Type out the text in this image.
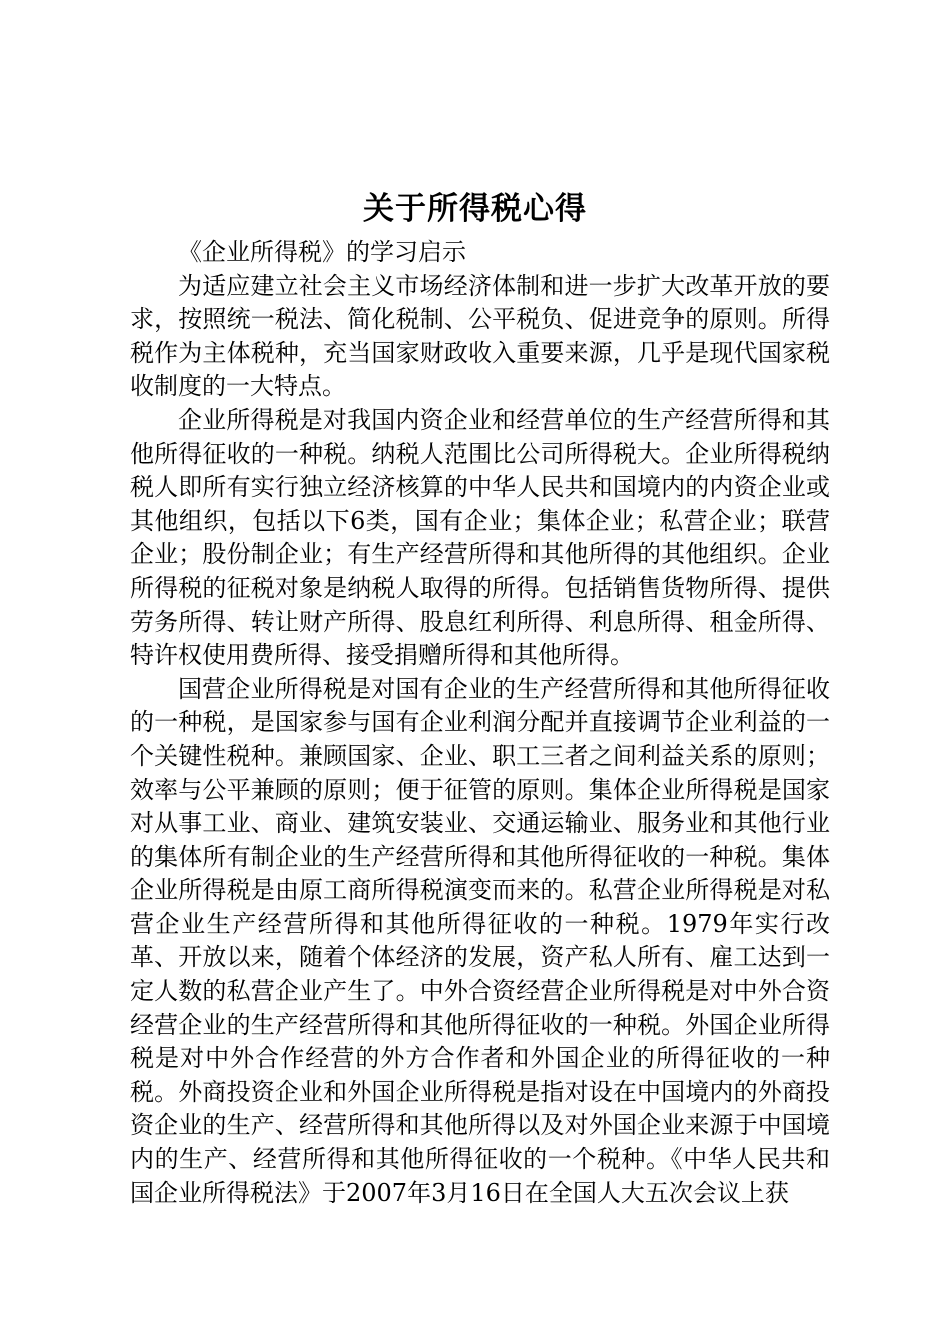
关于所得税心得

《企业所得税》的学习启示

为适应建立社会主义市场经济体制和进一步扩大改革开放的要求，按照统一税法、简化税制、公平税负、促进竞争的原则。所得税作为主体税种，充当国家财政收入重要来源，几乎是现代国家税收制度的一大特点。

企业所得税是对我国内资企业和经营单位的生产经营所得和其他所得征收的一种税。纳税人范围比公司所得税大。企业所得税纳税人即所有实行独立经济核算的中华人民共和国境内的内资企业或其他组织，包括以下6类，国有企业；集体企业；私营企业；联营企业；股份制企业；有生产经营所得和其他所得的其他组织。企业所得税的征税对象是纳税人取得的所得。包括销售货物所得、提供劳务所得、转让财产所得、股息红利所得、利息所得、租金所得、特许权使用费所得、接受捐赠所得和其他所得。

国营企业所得税是对国有企业的生产经营所得和其他所得征收的一种税，是国家参与国有企业利润分配并直接调节企业利益的一个关键性税种。兼顾国家、企业、职工三者之间利益关系的原则；效率与公平兼顾的原则；便于征管的原则。集体企业所得税是国家对从事工业、商业、建筑安装业、交通运输业、服务业和其他行业的集体所有制企业的生产经营所得和其他所得征收的一种税。集体企业所得税是由原工商所得税演变而来的。私营企业所得税是对私营企业生产经营所得和其他所得征收的一种税。1979年实行改革、开放以来，随着个体经济的发展，资产私人所有、雇工达到一定人数的私营企业产生了。中外合资经营企业所得税是对中外合资经营企业的生产经营所得和其他所得征收的一种税。外国企业所得税是对中外合作经营的外方合作者和外国企业的所得征收的一种税。外商投资企业和外国企业所得税是指对设在中国境内的外商投资企业的生产、经营所得和其他所得以及对外国企业来源于中国境内的生产、经营所得和其他所得征收的一个税种。《中华人民共和国企业所得税法》于2007年3月16日在全国人大五次会议上获
